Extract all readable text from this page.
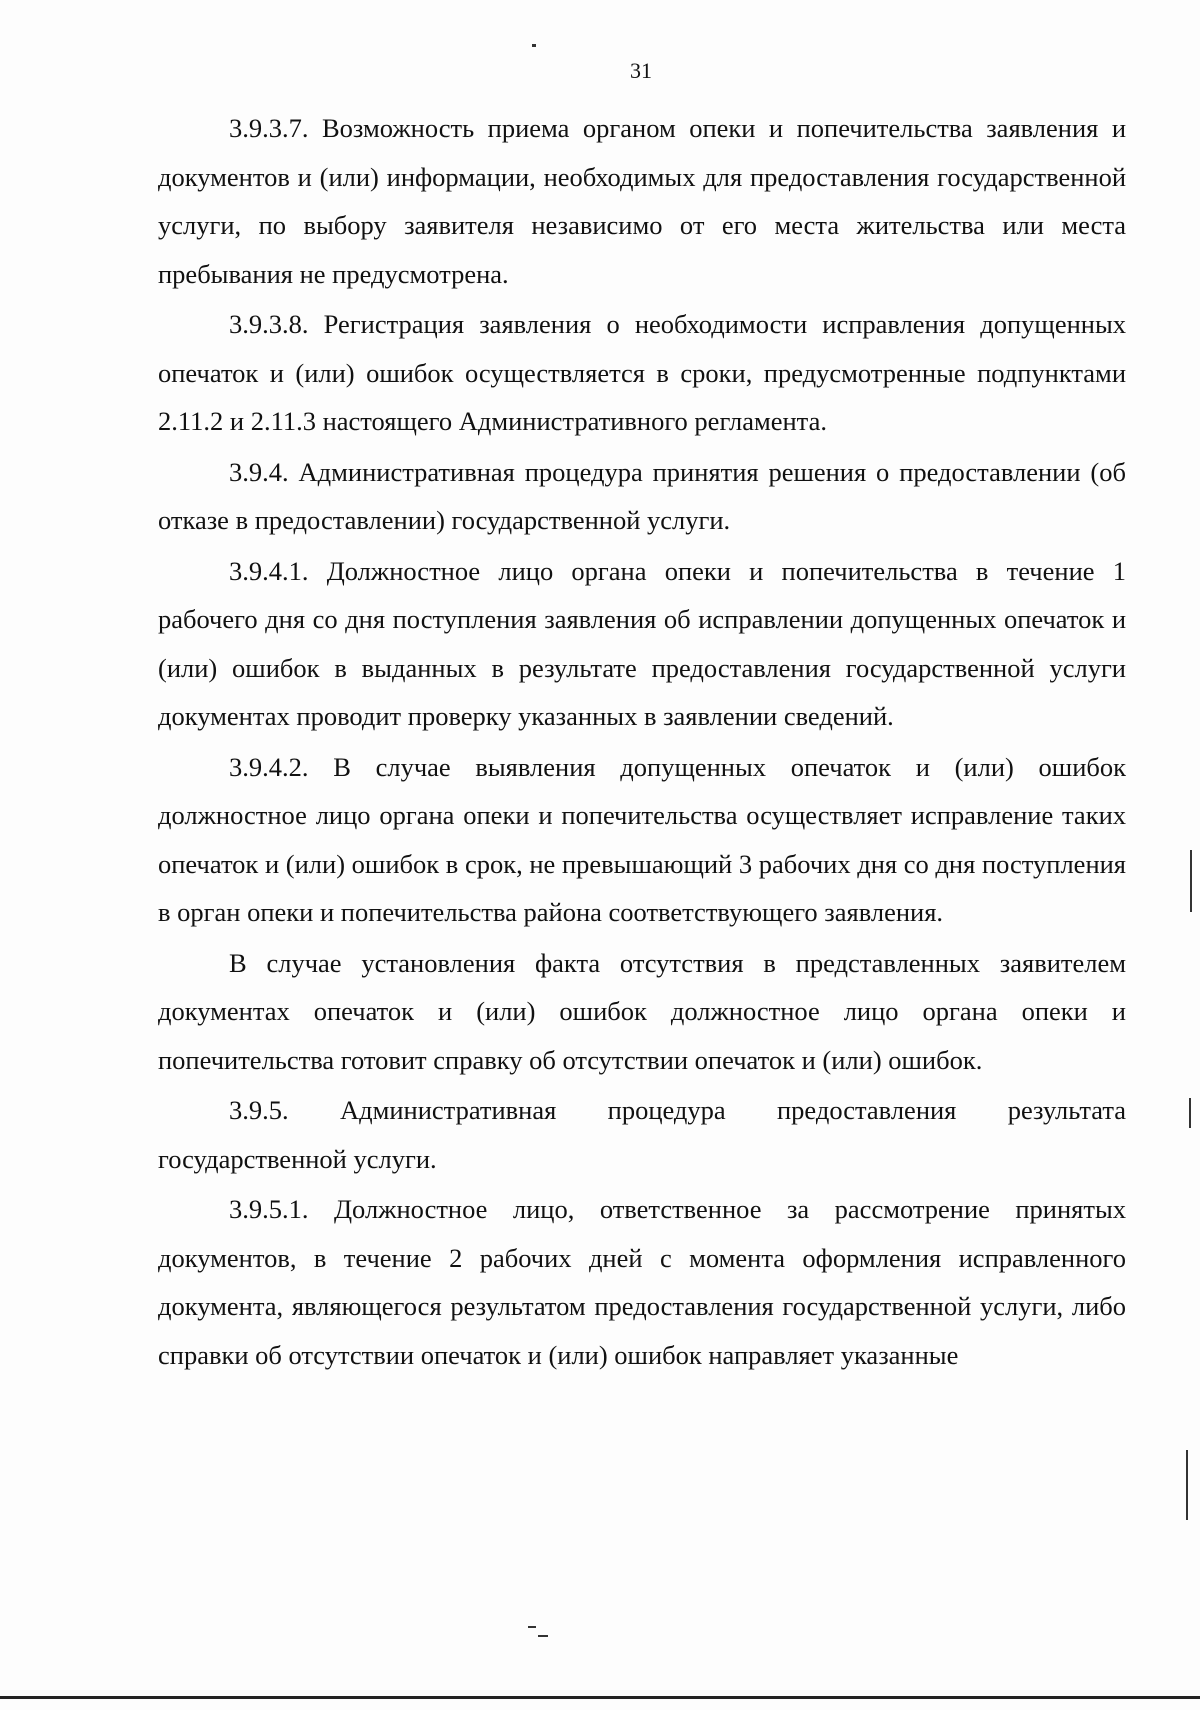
31

3.9.3.7. Возможность приема органом опеки и попечительства заявления и документов и (или) информации, необходимых для предоставления государственной услуги, по выбору заявителя независимо от его места жительства или места пребывания не предусмотрена.

3.9.3.8. Регистрация заявления о необходимости исправления допущенных опечаток и (или) ошибок осуществляется в сроки, предусмотренные подпунктами 2.11.2 и 2.11.3 настоящего Административного регламента.

3.9.4. Административная процедура принятия решения о предоставлении (об отказе в предоставлении) государственной услуги.

3.9.4.1. Должностное лицо органа опеки и попечительства в течение 1 рабочего дня со дня поступления заявления об исправлении допущенных опечаток и (или) ошибок в выданных в результате предоставления государственной услуги документах проводит проверку указанных в заявлении сведений.

3.9.4.2. В случае выявления допущенных опечаток и (или) ошибок должностное лицо органа опеки и попечительства осуществляет исправление таких опечаток и (или) ошибок в срок, не превышающий 3 рабочих дня со дня поступления в орган опеки и попечительства района соответствующего заявления.

В случае установления факта отсутствия в представленных заявителем документах опечаток и (или) ошибок должностное лицо органа опеки и попечительства готовит справку об отсутствии опечаток и (или) ошибок.

3.9.5. Административная процедура предоставления результата государственной услуги.

3.9.5.1. Должностное лицо, ответственное за рассмотрение принятых документов, в течение 2 рабочих дней с момента оформления исправленного документа, являющегося результатом предоставления государственной услуги, либо справки об отсутствии опечаток и (или) ошибок направляет указанные
